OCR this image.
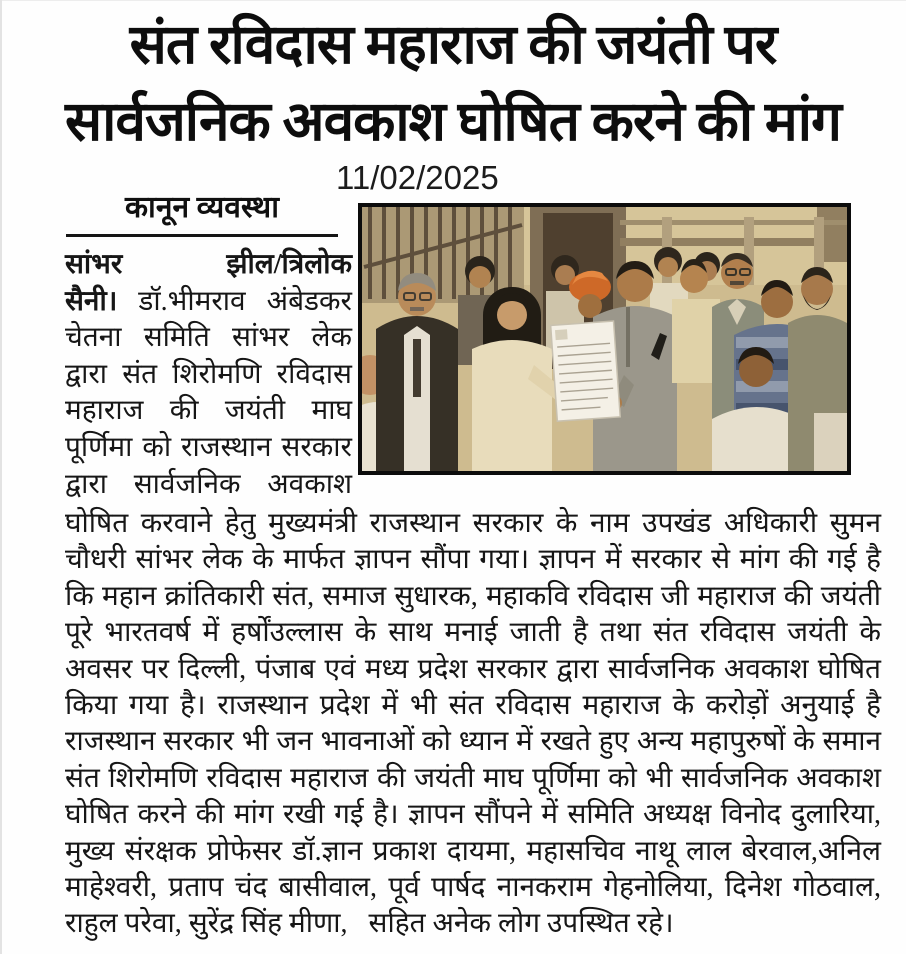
संत रविदास महाराज की जयंती पर
सार्वजनिक अवकाश घोषित करने की मांग
11/02/2025
कानून व्यवस्था
सांभर	झील/त्रिलोक
सैनी। डॉ.भीमराव अंबेडकर
चेतना समिति सांभर लेक
द्वारा संत शिरोमणि रविदास
महाराज की जयंती माघ
पूर्णिमा को राजस्थान सरकार
द्वारा सार्वजनिक अवकाश
घोषित करवाने हेतु मुख्यमंत्री राजस्थान सरकार के नाम उपखंड अधिकारी सुमन
चौधरी सांभर लेक के मार्फत ज्ञापन सौंपा गया। ज्ञापन में सरकार से मांग की गई है
कि महान क्रांतिकारी संत, समाज सुधारक, महाकवि रविदास जी महाराज की जयंती
पूरे भारतवर्ष में हर्षोंउल्लास के साथ मनाई जाती है तथा संत रविदास जयंती के
अवसर पर दिल्ली, पंजाब एवं मध्य प्रदेश सरकार द्वारा सार्वजनिक अवकाश घोषित
किया गया है। राजस्थान प्रदेश में भी संत रविदास महाराज के करोड़ों अनुयाई है
राजस्थान सरकार भी जन भावनाओं को ध्यान में रखते हुए अन्य महापुरुषों के समान
संत शिरोमणि रविदास महाराज की जयंती माघ पूर्णिमा को भी सार्वजनिक अवकाश
घोषित करने की मांग रखी गई है। ज्ञापन सौंपने में समिति अध्यक्ष विनोद दुलारिया,
मुख्य संरक्षक प्रोफेसर डॉ.ज्ञान प्रकाश दायमा, महासचिव नाथू लाल बेरवाल,अनिल
माहेश्वरी, प्रताप चंद बासीवाल, पूर्व पार्षद नानकराम गेहनोलिया, दिनेश गोठवाल,
राहुल परेवा, सुरेंद्र सिंह मीणा,   सहित अनेक लोग उपस्थित रहे।
